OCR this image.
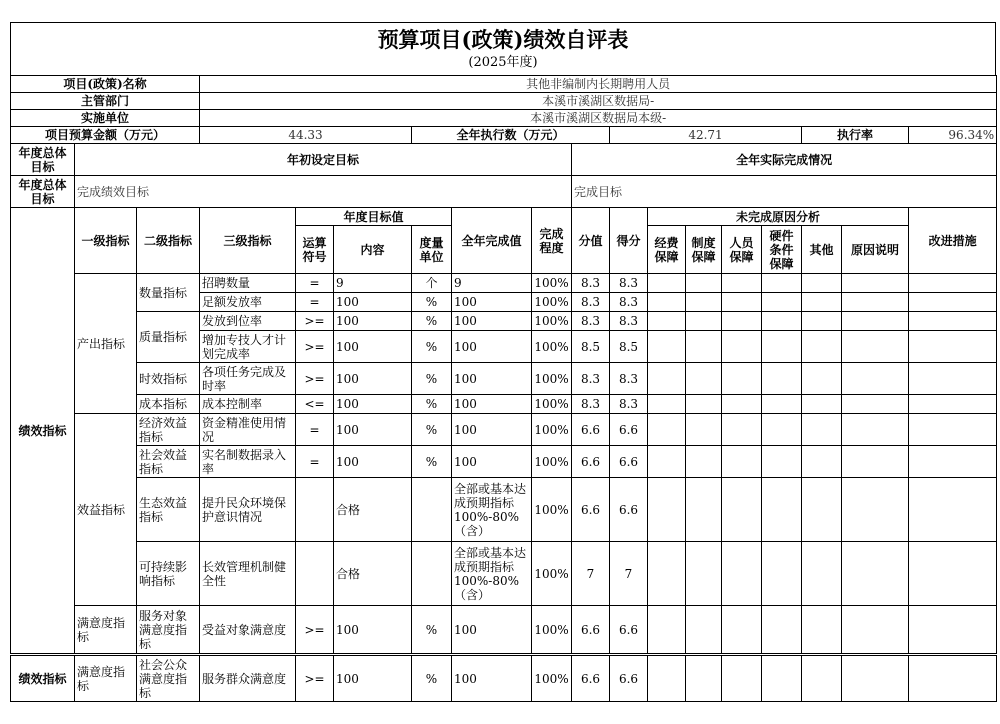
预算项目(政策)绩效自评表
(2025年度)
项目(政策)名称			其他非编制内长期聘用人员														
主管部门			本溪市溪湖区数据局-														
实施单位			本溪市溪湖区数据局本级-														
项目预算金额（万元）			44.33			全年执行数（万元）				42.71					执行率		96.34%
年度总体目标	年初设定目标								全年实际完成情况								
年度总体目标	完成绩效目标								完成目标								
绩效指标	一级指标	二级指标	三级指标	年度目标值			全年完成值	完成程度	分值	得分	未完成原因分析						改进措施
				运算符号	内容	度量单位					经费保障	制度保障	人员保障	硬件条件保障	其他	原因说明	
	产出指标	数量指标	招聘数量	=	9	个	9	100%	8.3	8.3							
			足额发放率	=	100	%	100	100%	8.3	8.3							
		质量指标	发放到位率	>=	100	%	100	100%	8.3	8.3							
			增加专技人才计划完成率	>=	100	%	100	100%	8.5	8.5							
		时效指标	各项任务完成及时率	>=	100	%	100	100%	8.3	8.3							
		成本指标	成本控制率	<=	100	%	100	100%	8.3	8.3							
	效益指标	经济效益指标	资金精准使用情况	=	100	%	100	100%	6.6	6.6							
		社会效益指标	实名制数据录入率	=	100	%	100	100%	6.6	6.6							
		生态效益指标	提升民众环境保护意识情况		合格		全部或基本达成预期指标100%-80%（含）	100%	6.6	6.6							
		可持续影响指标	长效管理机制健全性		合格		全部或基本达成预期指标100%-80%（含）	100%	7	7							
	满意度指标	服务对象满意度指标	受益对象满意度	>=	100	%	100	100%	6.6	6.6							
绩效指标	满意度指标	社会公众满意度指标	服务群众满意度	>=	100	%	100	100%	6.6	6.6							
